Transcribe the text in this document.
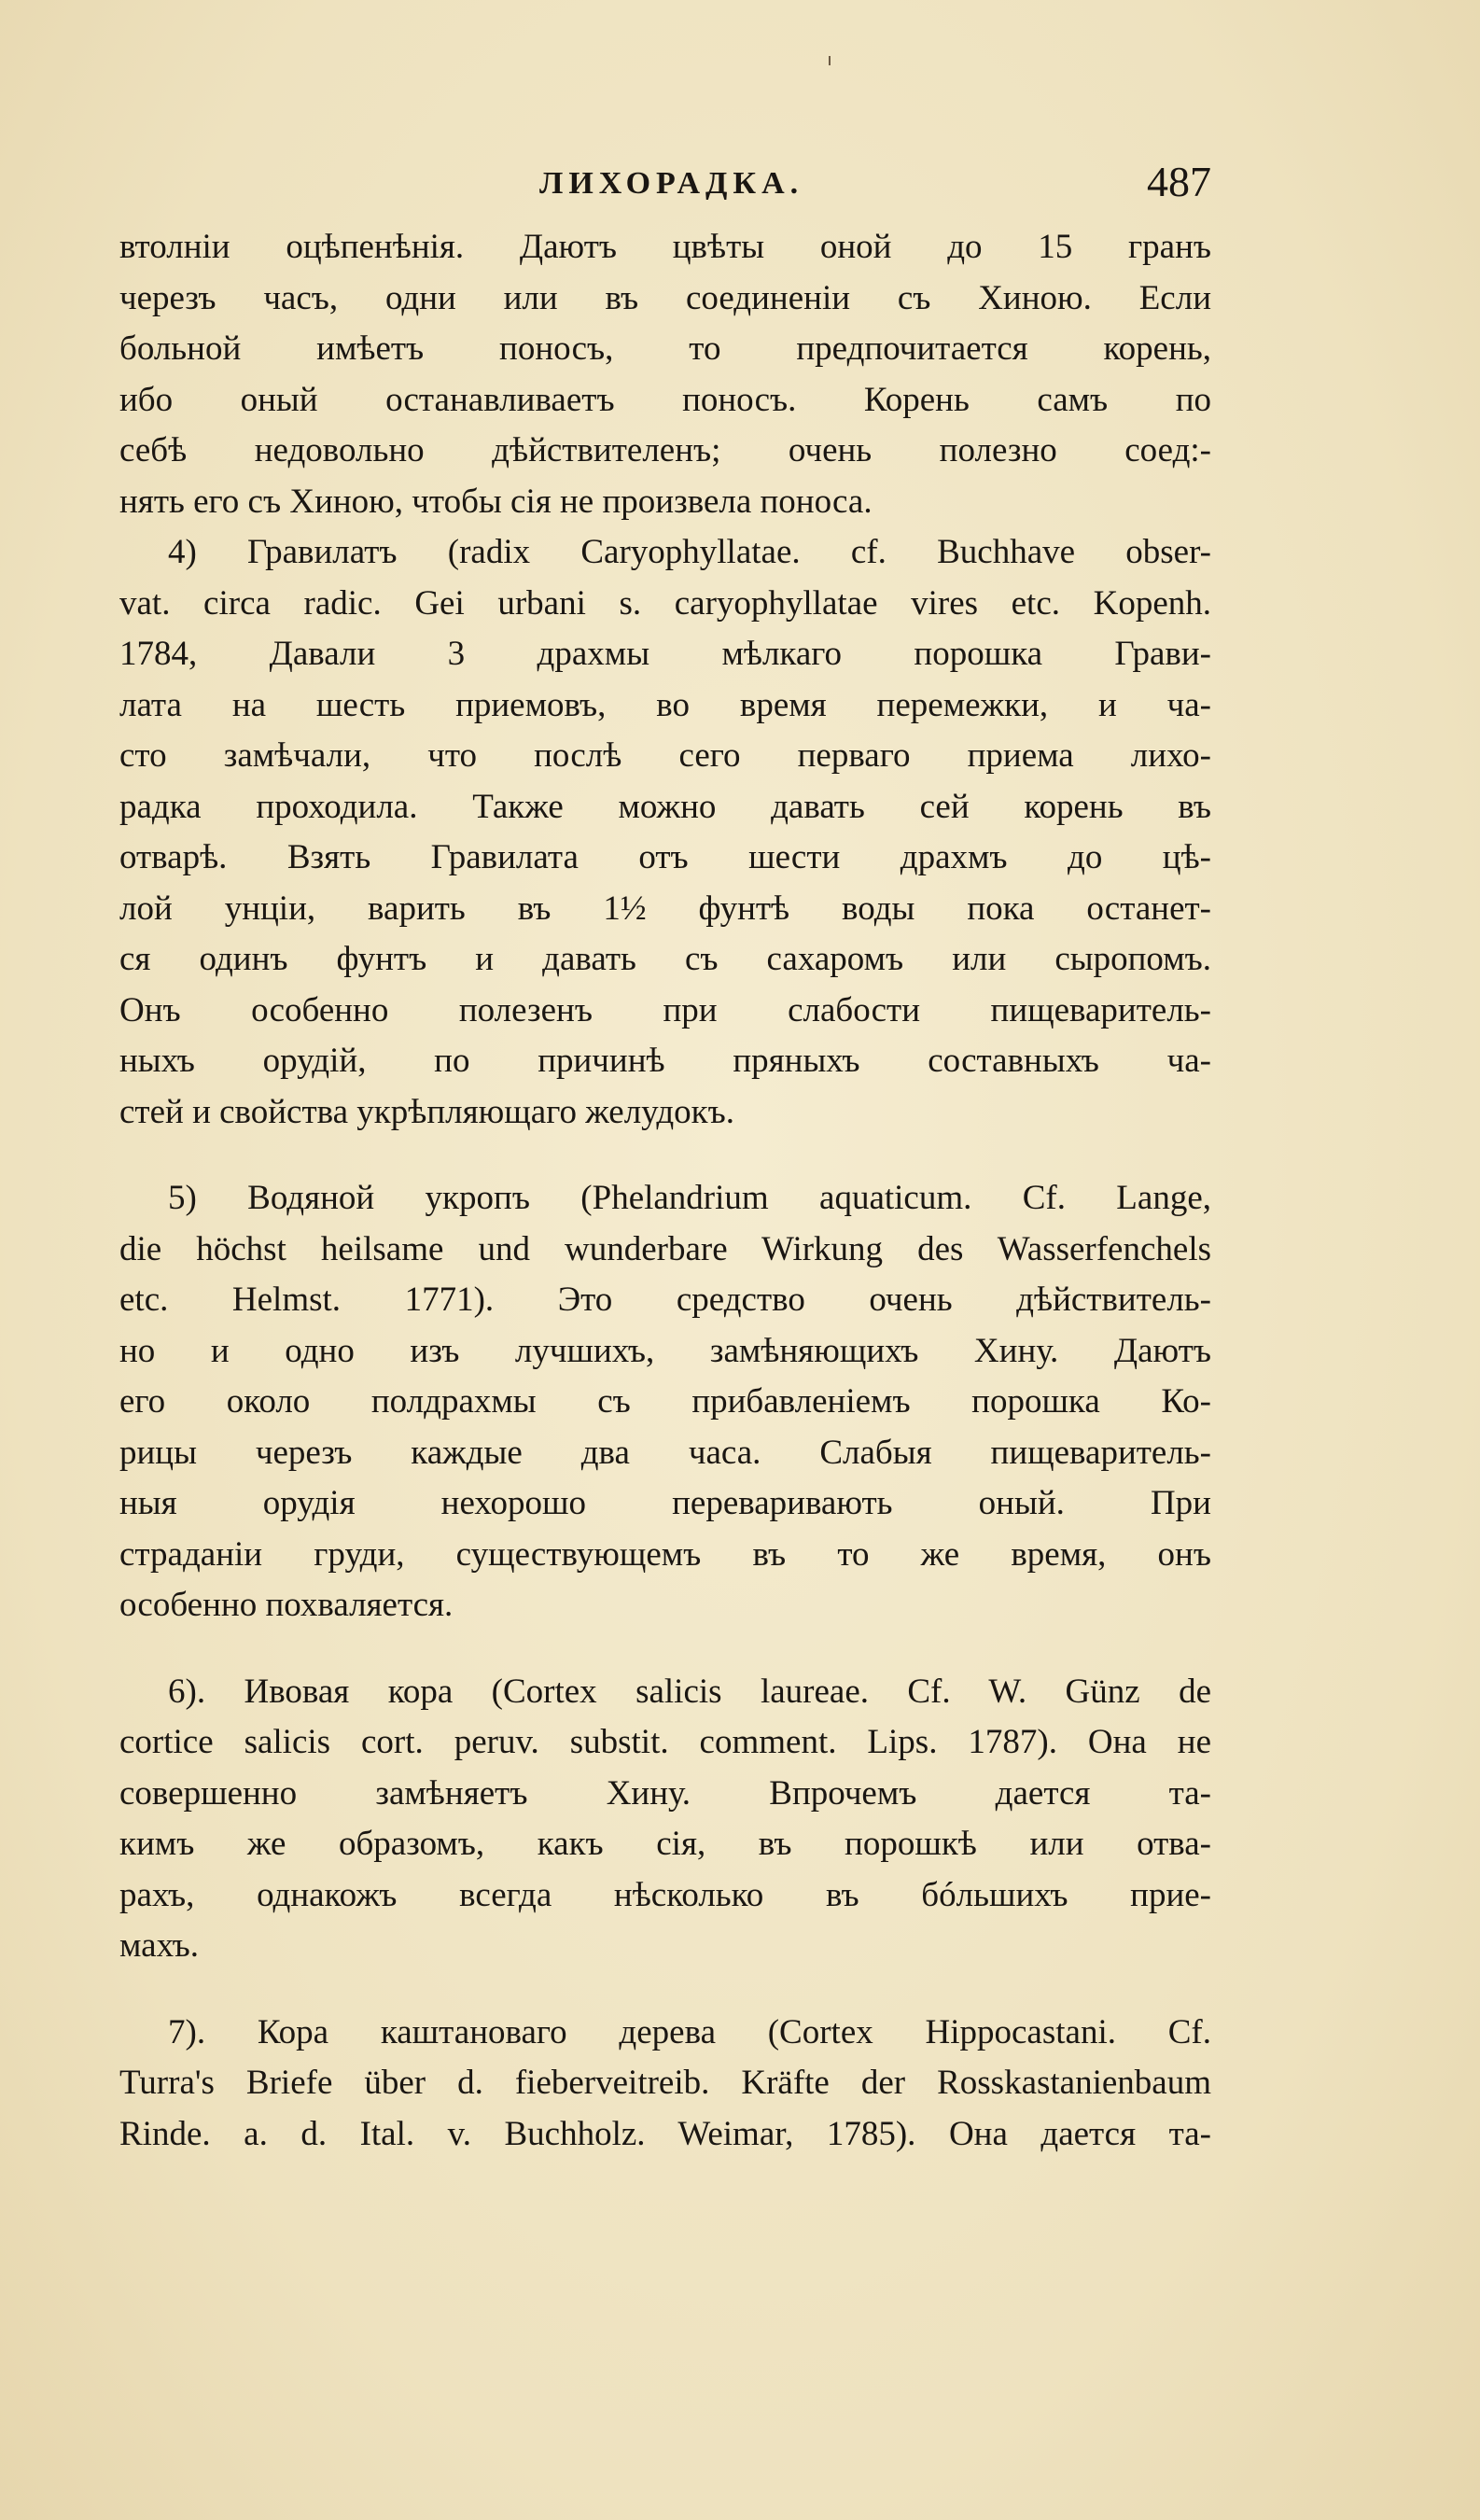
ЛИХОРАДКА.	487
втолніи оцѣпенѣнія. Даютъ цвѣты оной до 15 гранъ
черезъ часъ, одни или въ соединеніи съ Хиною. Если
больной имѣетъ поносъ, то предпочитается корень,
ибо оный останавливаетъ поносъ. Корень самъ по
себѣ недовольно дѣйствителенъ; очень полезно соед:-
нять его съ Хиною, чтобы сія не произвела поноса.
4) Гравилатъ (radix Caryophyllatae. cf. Buchhave obser-
vat. circa radic. Gei urbani s. caryophyllatae vires etc. Kopenh.
1784, Давали 3 драхмы мѣлкаго порошка Грави-
лата на шесть приемовъ, во время перемежки, и ча-
сто замѣчали, что послѣ сего перваго приема лихо-
радка проходила. Также можно давать сей корень въ
отварѣ. Взять Гравилата отъ шести драхмъ до цѣ-
лой унціи, варить въ 1½ фунтѣ воды пока останет-
ся одинъ фунтъ и давать съ сахаромъ или сыропомъ.
Онъ особенно полезенъ при слабости пищеваритель-
ныхъ орудій, по причинѣ пряныхъ составныхъ ча-
стей и свойства укрѣпляющаго желудокъ.
5) Водяной укропъ (Phelandrium aquaticum. Cf. Lange,
die höchst heilsame und wunderbare Wirkung des Wasserfenchels
etc. Helmst. 1771). Это средство очень дѣйствитель-
но и одно изъ лучшихъ, замѣняющихъ Хину. Даютъ
его около полдрахмы съ прибавленіемъ порошка Ко-
рицы черезъ каждые два часа. Слабыя пищеваритель-
ныя орудія нехорошо переваривають оный. При
страданіи груди, существующемъ въ то же время, онъ
особенно похваляется.
6). Ивовая кора (Cortex salicis laureae. Cf. W. Günz de
cortice salicis cort. peruv. substit. comment. Lips. 1787). Она не
совершенно замѣняетъ Хину. Впрочемъ дается та-
кимъ же образомъ, какъ сія, въ порошкѣ или отва-
рахъ, однакожъ всегда нѣсколько въ бóльшихъ прие-
махъ.
7). Кора каштановаго дерева (Cortex Hippocastani. Cf.
Turra's Briefe über d. fieberveitreib. Kräfte der Rosskastanienbaum
Rinde. a. d. Ital. v. Buchholz. Weimar, 1785). Она дается та-
